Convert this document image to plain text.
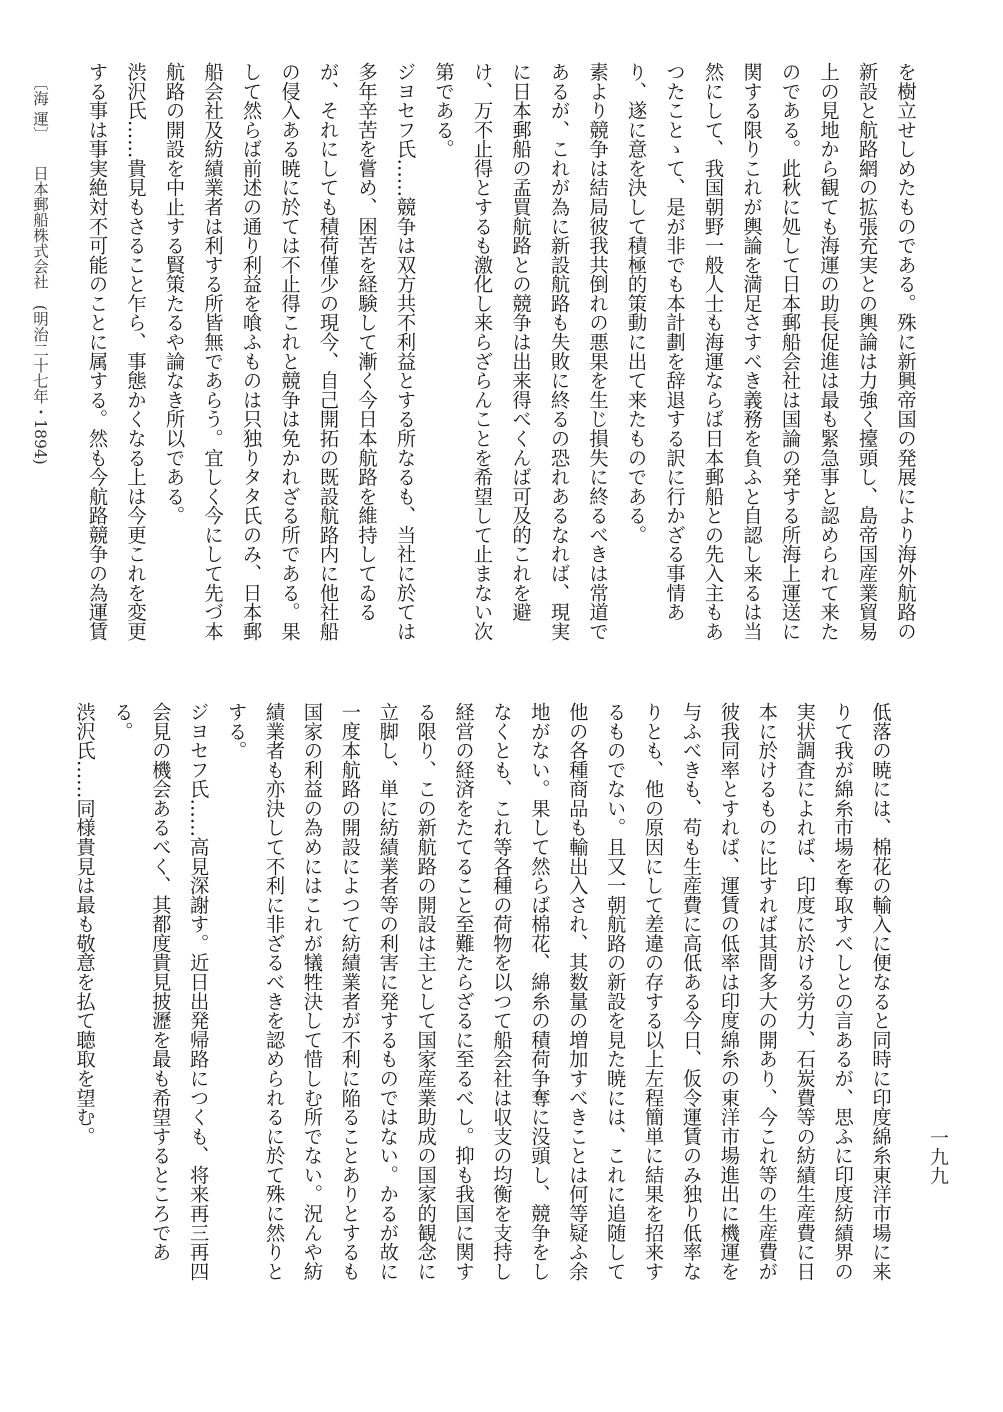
を樹立せしめたものである。殊に新興帝国の発展により海外航路の
新設と航路網の拡張充実との輿論は力強く擡頭し、島帝国産業貿易
上の見地から観ても海運の助長促進は最も緊急事と認められて来た
のである。此秋に処して日本郵船会社は国論の発する所海上運送に
関する限りこれが輿論を満足さすべき義務を負ふと自認し来るは当
然にして、我国朝野一般人士も海運ならば日本郵船との先入主もあ
つたことゝて、是が非でも本計劃を辞退する訳に行かざる事情あ
り、遂に意を決して積極的策動に出て来たものである。
素より競争は結局彼我共倒れの悪果を生じ損失に終るべきは常道で
あるが、これが為に新設航路も失敗に終るの恐れあるなれば、現実
に日本郵船の孟買航路との競争は出来得べくんば可及的これを避
け、万不止得とするも激化し来らざらんことを希望して止まない次
第である。
ジヨセフ氏……競争は双方共不利益とする所なるも、当社に於ては
多年辛苦を嘗め、困苦を経験して漸く今日本航路を維持してゐる
が、それにしても積荷僅少の現今、自己開拓の既設航路内に他社船
の侵入ある暁に於ては不止得これと競争は免かれざる所である。果
して然らば前述の通り利益を喰ふものは只独りタタ氏のみ、日本郵
船会社及紡績業者は利する所皆無であらう。宜しく今にして先づ本
航路の開設を中止する賢策たるや論なき所以である。
渋沢氏……貴見もさること乍ら、事態かくなる上は今更これを変更
する事は事実絶対不可能のことに属する。然も今航路競争の為運賃
低落の暁には、棉花の輸入に便なると同時に印度綿糸東洋市場に来
りて我が綿糸市場を奪取すべしとの言あるが、思ふに印度紡績界の
実状調査によれば、印度に於ける労力、石炭費等の紡績生産費に日
本に於けるものに比すれば其間多大の開あり、今これ等の生産費が
彼我同率とすれば、運賃の低率は印度綿糸の東洋市場進出に機運を
与ふべきも、苟も生産費に高低ある今日、仮令運賃のみ独り低率な
りとも、他の原因にして差違の存する以上左程簡単に結果を招来す
るものでない。且又一朝航路の新設を見た暁には、これに追随して
他の各種商品も輸出入され、其数量の増加すべきことは何等疑ふ余
地がない。果して然らば棉花、綿糸の積荷争奪に没頭し、競争をし
なくとも、これ等各種の荷物を以つて船会社は収支の均衡を支持し
経営の経済をたてること至難たらざるに至るべし。抑も我国に関す
る限り、この新航路の開設は主として国家産業助成の国家的観念に
立脚し、単に紡績業者等の利害に発するものではない。かるが故に
一度本航路の開設によつて紡績業者が不利に陥ることありとするも
国家の利益の為めにはこれが犠牲決して惜しむ所でない。況んや紡
績業者も亦決して不利に非ざるべきを認められるに於て殊に然りと
する。
ジヨセフ氏……高見深謝す。近日出発帰路につくも、将来再三再四
会見の機会あるべく、其都度貴見披瀝を最も希望するところであ
る。
渋沢氏……同様貴見は最も敬意を払て聴取を望む。
〔海 運〕　　日本郵船株式会社　(明治二十七年・1894)
一九九
